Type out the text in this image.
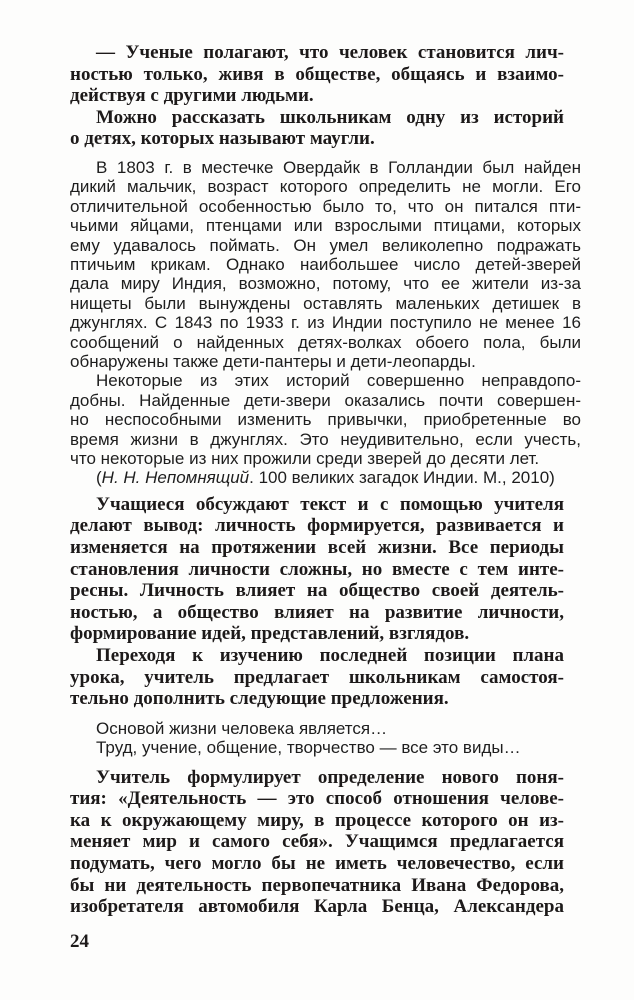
— Ученые полагают, что человек становится лич-
ностью только, живя в обществе, общаясь и взаимо-
действуя с другими людьми.
Можно рассказать школьникам одну из историй
о детях, которых называют маугли.
В 1803 г. в местечке Овердайк в Голландии был найден
дикий мальчик, возраст которого определить не могли. Его
отличительной особенностью было то, что он питался пти-
чьими яйцами, птенцами или взрослыми птицами, которых
ему удавалось поймать. Он умел великолепно подражать
птичьим крикам. Однако наибольшее число детей-зверей
дала миру Индия, возможно, потому, что ее жители из-за
нищеты были вынуждены оставлять маленьких детишек в
джунглях. С 1843 по 1933 г. из Индии поступило не менее 16
сообщений о найденных детях-волках обоего пола, были
обнаружены также дети-пантеры и дети-леопарды.
Некоторые из этих историй совершенно неправдопо-
добны. Найденные дети-звери оказались почти совершен-
но неспособными изменить привычки, приобретенные во
время жизни в джунглях. Это неудивительно, если учесть,
что некоторые из них прожили среди зверей до десяти лет.
(Н. Н. Непомнящий. 100 великих загадок Индии. М., 2010)
Учащиеся обсуждают текст и с помощью учителя
делают вывод: личность формируется, развивается и
изменяется на протяжении всей жизни. Все периоды
становления личности сложны, но вместе с тем инте-
ресны. Личность влияет на общество своей деятель-
ностью, а общество влияет на развитие личности,
формирование идей, представлений, взглядов.
Переходя к изучению последней позиции плана
урока, учитель предлагает школьникам самостоя-
тельно дополнить следующие предложения.
Основой жизни человека является…
Труд, учение, общение, творчество — все это виды…
Учитель формулирует определение нового поня-
тия: «Деятельность — это способ отношения челове-
ка к окружающему миру, в процессе которого он из-
меняет мир и самого себя». Учащимся предлагается
подумать, чего могло бы не иметь человечество, если
бы ни деятельность первопечатника Ивана Федорова,
изобретателя автомобиля Карла Бенца, Александера
24
